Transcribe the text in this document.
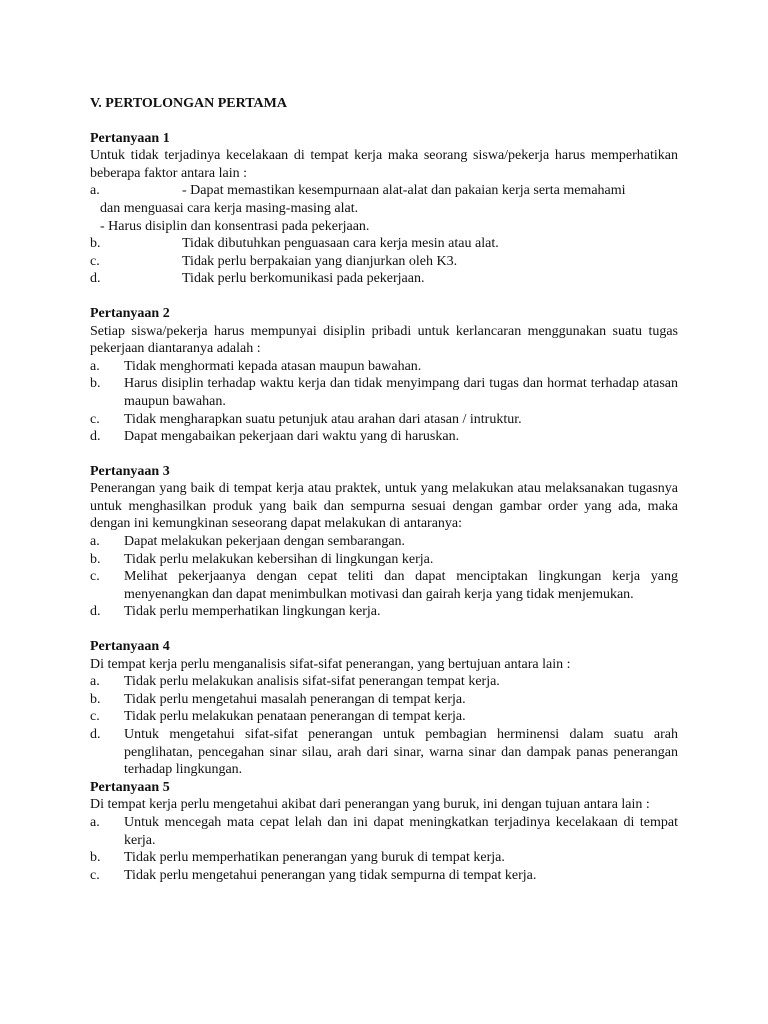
V. PERTOLONGAN PERTAMA
Pertanyaan 1
Untuk tidak terjadinya kecelakaan di tempat kerja maka seorang siswa/pekerja harus memperhatikan beberapa faktor antara lain :
a.	- Dapat memastikan kesempurnaan alat-alat dan pakaian kerja serta memahami
dan menguasai cara kerja masing-masing alat.
- Harus disiplin dan konsentrasi pada pekerjaan.
b.	Tidak dibutuhkan penguasaan cara kerja mesin atau alat.
c.	Tidak perlu berpakaian yang dianjurkan oleh K3.
d.	Tidak perlu berkomunikasi pada pekerjaan.
Pertanyaan 2
Setiap siswa/pekerja harus mempunyai disiplin pribadi untuk kerlancaran menggunakan suatu tugas pekerjaan diantaranya adalah :
a.	Tidak menghormati kepada atasan maupun bawahan.
b.	Harus disiplin terhadap waktu kerja dan tidak menyimpang dari tugas dan hormat terhadap atasan maupun bawahan.
c.	Tidak mengharapkan suatu petunjuk atau arahan dari atasan / intruktur.
d.	Dapat mengabaikan pekerjaan dari waktu yang di haruskan.
Pertanyaan 3
Penerangan yang baik di tempat kerja atau praktek, untuk yang melakukan atau melaksanakan tugasnya untuk menghasilkan produk yang baik dan sempurna sesuai dengan gambar order yang ada, maka dengan ini kemungkinan seseorang dapat melakukan di antaranya:
a.	Dapat melakukan pekerjaan dengan sembarangan.
b.	Tidak perlu melakukan kebersihan di lingkungan kerja.
c.	Melihat pekerjaanya dengan cepat teliti dan dapat menciptakan lingkungan kerja yang menyenangkan dan dapat menimbulkan motivasi dan gairah kerja yang tidak menjemukan.
d.	Tidak perlu memperhatikan lingkungan kerja.
Pertanyaan 4
Di tempat kerja perlu menganalisis sifat-sifat penerangan, yang bertujuan antara lain :
a.	Tidak perlu melakukan analisis sifat-sifat penerangan tempat kerja.
b.	Tidak perlu mengetahui masalah penerangan di tempat kerja.
c.	Tidak perlu melakukan penataan penerangan di tempat kerja.
d.	Untuk mengetahui sifat-sifat penerangan untuk pembagian herminensi dalam suatu arah penglihatan, pencegahan sinar silau, arah dari sinar, warna sinar dan dampak panas penerangan terhadap lingkungan.
Pertanyaan 5
Di tempat kerja perlu mengetahui akibat dari penerangan yang buruk, ini dengan tujuan antara lain :
a.	Untuk mencegah mata cepat lelah dan ini dapat meningkatkan terjadinya kecelakaan di tempat kerja.
b.	Tidak perlu memperhatikan penerangan yang buruk di tempat kerja.
c.	Tidak perlu mengetahui penerangan yang tidak sempurna di tempat kerja.
